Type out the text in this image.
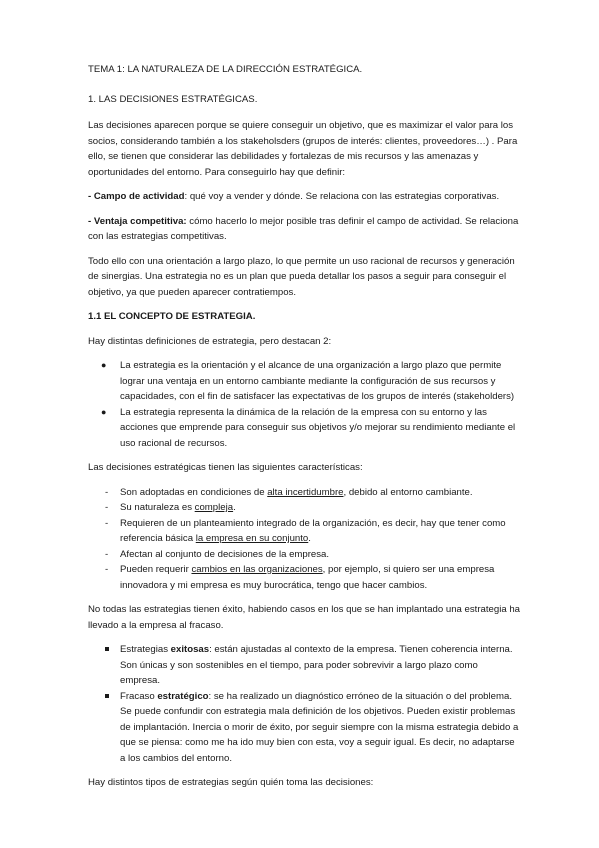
TEMA 1: LA NATURALEZA DE LA DIRECCIÓN ESTRATÉGICA.

1. LAS DECISIONES ESTRATÉGICAS.

Las decisiones aparecen porque se quiere conseguir un objetivo, que es maximizar el valor para los socios, considerando también a los stakeholsders (grupos de interés: clientes, proveedores…) . Para ello, se tienen que considerar las debilidades y fortalezas de mis recursos y las amenazas y oportunidades del entorno. Para conseguirlo hay que definir:

- Campo de actividad: qué voy a vender y dónde. Se relaciona con las estrategias corporativas.

- Ventaja competitiva: cómo hacerlo lo mejor posible tras definir el campo de actividad. Se relaciona con las estrategias competitivas.

Todo ello con una orientación a largo plazo, lo que permite un uso racional de recursos y generación de sinergias. Una estrategia no es un plan que pueda detallar los pasos a seguir para conseguir el objetivo, ya que pueden aparecer contratiempos.

1.1 EL CONCEPTO DE ESTRATEGIA.

Hay distintas definiciones de estrategia, pero destacan 2:

● La estrategia es la orientación y el alcance de una organización a largo plazo que permite lograr una ventaja en un entorno cambiante mediante la configuración de sus recursos y capacidades, con el fin de satisfacer las expectativas de los grupos de interés (stakeholders)
● La estrategia representa la dinámica de la relación de la empresa con su entorno y las acciones que emprende para conseguir sus objetivos y/o mejorar su rendimiento mediante el uso racional de recursos.

Las decisiones estratégicas tienen las siguientes características:

- Son adoptadas en condiciones de alta incertidumbre, debido al entorno cambiante.
- Su naturaleza es compleja.
- Requieren de un planteamiento integrado de la organización, es decir, hay que tener como referencia básica la empresa en su conjunto.
- Afectan al conjunto de decisiones de la empresa.
- Pueden requerir cambios en las organizaciones, por ejemplo, si quiero ser una empresa innovadora y mi empresa es muy burocrática, tengo que hacer cambios.

No todas las estrategias tienen éxito, habiendo casos en los que se han implantado una estrategia ha llevado a la empresa al fracaso.

Estrategias exitosas: están ajustadas al contexto de la empresa. Tienen coherencia interna. Son únicas y son sostenibles en el tiempo, para poder sobrevivir a largo plazo como empresa.
Fracaso estratégico: se ha realizado un diagnóstico erróneo de la situación o del problema. Se puede confundir con estrategia mala definición de los objetivos. Pueden existir problemas de implantación. Inercia o morir de éxito, por seguir siempre con la misma estrategia debido a que se piensa: como me ha ido muy bien con esta, voy a seguir igual. Es decir, no adaptarse a los cambios del entorno.

Hay distintos tipos de estrategias según quién toma las decisiones:
